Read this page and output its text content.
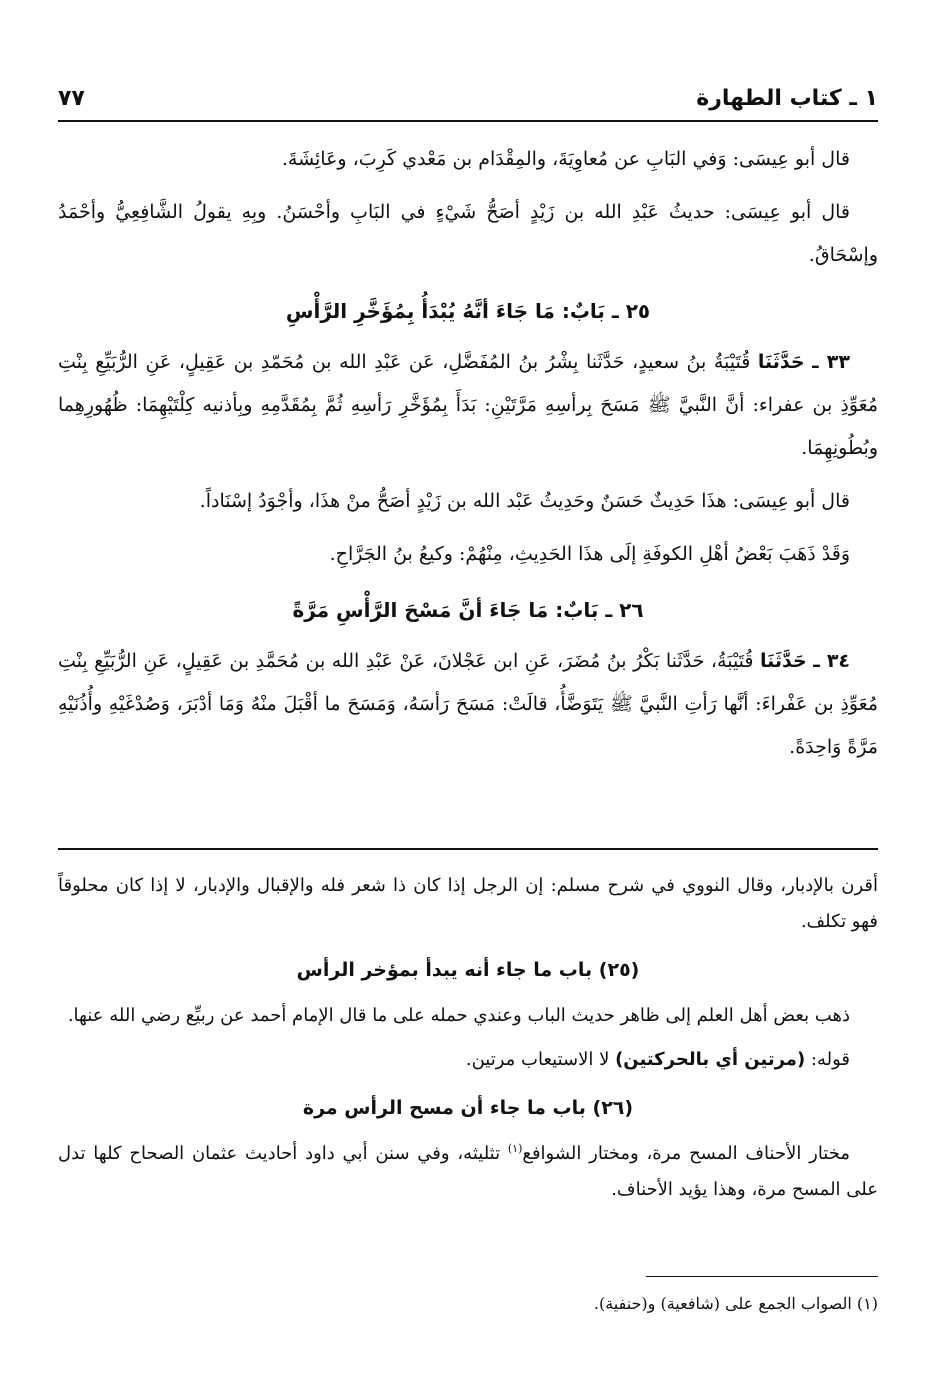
١ ـ كتاب الطهارة
٧٧

قال أبو عِيسَى: وَفي البَابِ عن مُعاوِيَةَ، والمِقْدَام بن مَعْدي كَرِبَ، وعَائِشَةَ.

قال أبو عِيسَى: حديثُ عَبْدِ الله بن زَيْدٍ أصَحُّ شَيْءٍ في البَابِ وأحْسَنُ. وبِهِ يقولُ الشَّافِعِيُّ وأحْمَدُ وإسْحَاقُ.

٢٥ ـ بَابٌ: مَا جَاءَ أنَّهُ يُبْدَأُ بِمُؤَخَّرِ الرَّأْسِ

٣٣ ـ حَدَّثَنَا قُتَيْبَةُ بنُ سعيدٍ، حَدَّثَنا بِشْرُ بنُ المُفَضَّلِ، عَن عَبْدِ الله بن مُحَمّدِ بن عَقِيلٍ، عَنِ الرُّبَيِّعِ بِنْتِ مُعَوِّذِ بن عفراء: أنَّ النَّبيَّ ﷺ مَسَحَ بِرأسِهِ مَرَّتَيْنِ: بَدَأَ بِمُؤَخَّرِ رَأسِهِ ثُمَّ بِمُقَدَّمِهِ وبِأذنيه كِلْتَيْهِمَا: ظُهُورِهِما وبُطُونِهِمَا.

قال أبو عِيسَى: هذَا حَدِيثٌ حَسَنٌ وحَدِيثُ عَبْد الله بن زَيْدٍ أصَحُّ منْ هذَا، وأجْوَدُ إسْنَاداً.

وَقَدْ ذَهَبَ بَعْضُ أهْلِ الكوفَةِ إلَى هذَا الحَدِيثِ، مِنْهُمْ: وكيعُ بنُ الجَرَّاحِ.

٢٦ ـ بَابٌ: مَا جَاءَ أنَّ مَسْحَ الرَّأْسِ مَرَّةً

٣٤ ـ حَدَّثَنَا قُتَيْبَةُ، حَدَّثَنا بَكْرُ بنُ مُضَرَ، عَنِ ابن عَجْلانَ، عَنْ عَبْدِ الله بن مُحَمَّدِ بن عَقِيلٍ، عَنِ الرُّبَيِّعِ بِنْتِ مُعَوِّذِ بن عَفْراءَ: أنَّها رَأتِ النَّبيَّ ﷺ يَتَوَضَّأُ، قالَتْ: مَسَحَ رَأسَهُ، وَمَسَحَ ما أقْبَلَ منْهُ وَمَا أدْبَرَ، وَصُدْغَيْهِ وأُذُنَيْهِ مَرَّةً وَاحِدَةً.

أقرن بالإدبار، وقال النووي في شرح مسلم: إن الرجل إذا كان ذا شعر فله والإقبال والإدبار، لا إذا كان محلوقاً فهو تكلف.

(٢٥) باب ما جاء أنه يبدأ بمؤخر الرأس

ذهب بعض أهل العلم إلى ظاهر حديث الباب وعندي حمله على ما قال الإمام أحمد عن ربيِّع رضي الله عنها.

قوله: (مرتين أي بالحركتين) لا الاستيعاب مرتين.

(٢٦) باب ما جاء أن مسح الرأس مرة

مختار الأحناف المسح مرة، ومختار الشوافع$^{(١)}$ تثليثه، وفي سنن أبي داود أحاديث عثمان الصحاح كلها تدل على المسح مرة، وهذا يؤيد الأحناف.

(١) الصواب الجمع على (شافعية) و(حنفية).
